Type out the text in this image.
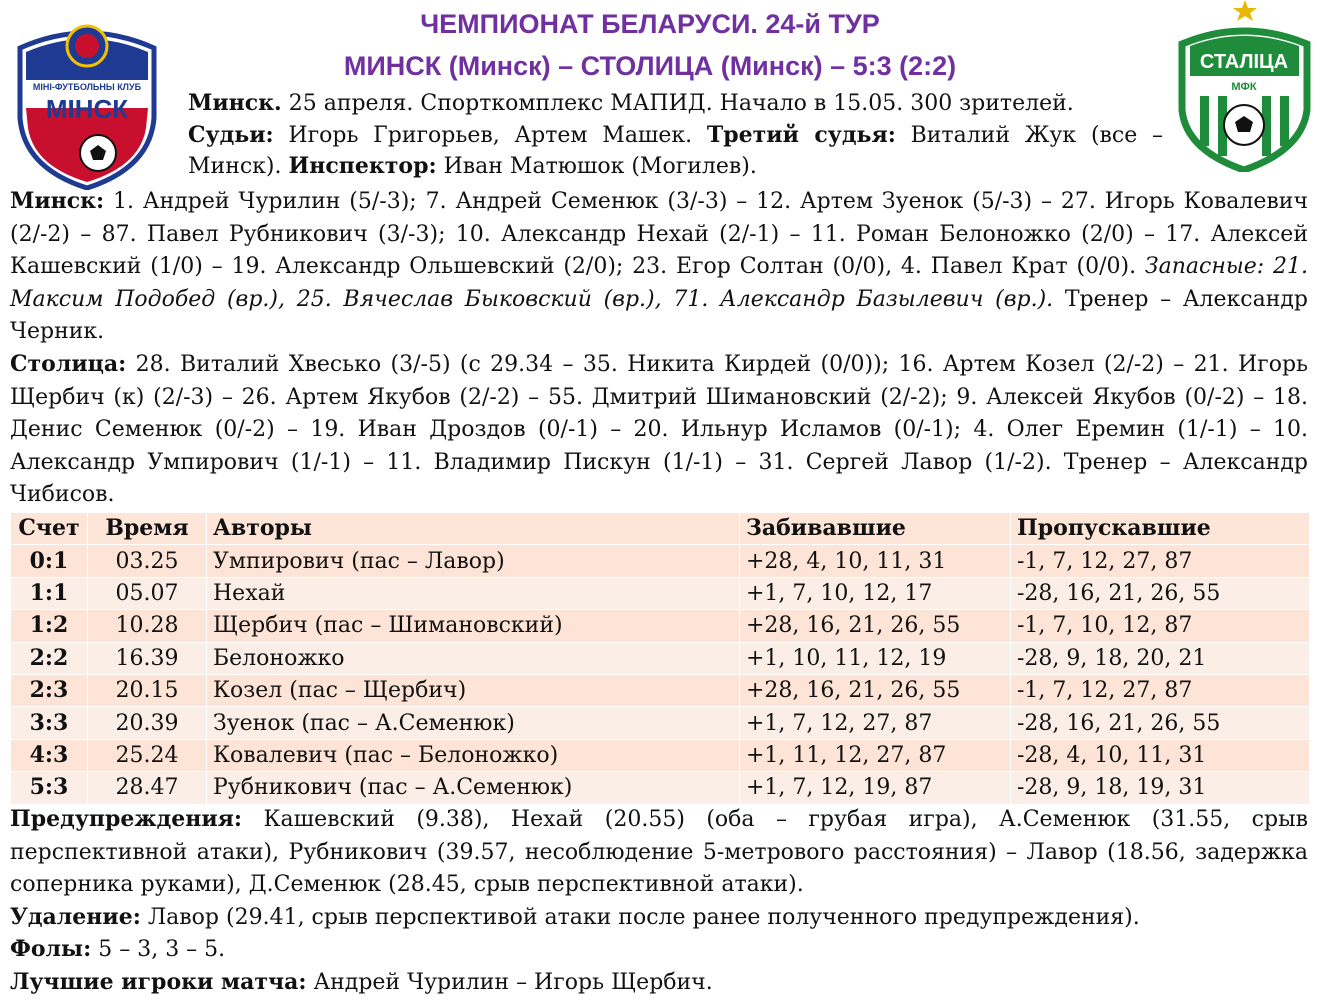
ЧЕМПИОНАТ БЕЛАРУСИ. 24-й ТУР
МИНСК (Минск) – СТОЛИЦА (Минск) – 5:3 (2:2)
МІНІ-ФУТБОЛЬНЫ КЛУБ
МІНСК
СТАЛІЦА
МФК
Минск. 25 апреля. Спорткомплекс МАПИД. Начало в 15.05. 300 зрителей.
Судьи: Игорь Григорьев, Артем Машек. Третий судья: Виталий Жук (все – Минск). Инспектор: Иван Матюшок (Могилев).
Минск: 1. Андрей Чурилин (5/-3); 7. Андрей Семенюк (3/-3) – 12. Артем Зуенок (5/-3) – 27. Игорь Ковалевич (2/-2) – 87. Павел Рубникович (3/-3); 10. Александр Нехай (2/-1) – 11. Роман Белоножко (2/0) – 17. Алексей Кашевский (1/0) – 19. Александр Ольшевский (2/0); 23. Егор Солтан (0/0), 4. Павел Крат (0/0). Запасные: 21. Максим Подобед (вр.), 25. Вячеслав Быковский (вр.), 71. Александр Базылевич (вр.). Тренер – Александр Черник.
Столица: 28. Виталий Хвесько (3/-5) (с 29.34 – 35. Никита Кирдей (0/0)); 16. Артем Козел (2/-2) – 21. Игорь Щербич (к) (2/-3) – 26. Артем Якубов (2/-2) – 55. Дмитрий Шимановский (2/-2); 9. Алексей Якубов (0/-2) – 18. Денис Семенюк (0/-2) – 19. Иван Дроздов (0/-1) – 20. Ильнур Исламов (0/-1); 4. Олег Еремин (1/-1) – 10. Александр Умпирович (1/-1) – 11. Владимир Пискун (1/-1) – 31. Сергей Лавор (1/-2). Тренер – Александр Чибисов.
Счет	Время	Авторы	Забивавшие	Пропускавшие
0:1	03.25	Умпирович (пас – Лавор)	+28, 4, 10, 11, 31	-1, 7, 12, 27, 87
1:1	05.07	Нехай	+1, 7, 10, 12, 17	-28, 16, 21, 26, 55
1:2	10.28	Щербич (пас – Шимановский)	+28, 16, 21, 26, 55	-1, 7, 10, 12, 87
2:2	16.39	Белоножко	+1, 10, 11, 12, 19	-28, 9, 18, 20, 21
2:3	20.15	Козел (пас – Щербич)	+28, 16, 21, 26, 55	-1, 7, 12, 27, 87
3:3	20.39	Зуенок (пас – А.Семенюк)	+1, 7, 12, 27, 87	-28, 16, 21, 26, 55
4:3	25.24	Ковалевич (пас – Белоножко)	+1, 11, 12, 27, 87	-28, 4, 10, 11, 31
5:3	28.47	Рубникович (пас – А.Семенюк)	+1, 7, 12, 19, 87	-28, 9, 18, 19, 31
Предупреждения: Кашевский (9.38), Нехай (20.55) (оба – грубая игра), А.Семенюк (31.55, срыв перспективной атаки), Рубникович (39.57, несоблюдение 5-метрового расстояния) – Лавор (18.56, задержка соперника руками), Д.Семенюк (28.45, срыв перспективной атаки).
Удаление: Лавор (29.41, срыв перспективой атаки после ранее полученного предупреждения).
Фолы: 5 – 3, 3 – 5.
Лучшие игроки матча: Андрей Чурилин – Игорь Щербич.
